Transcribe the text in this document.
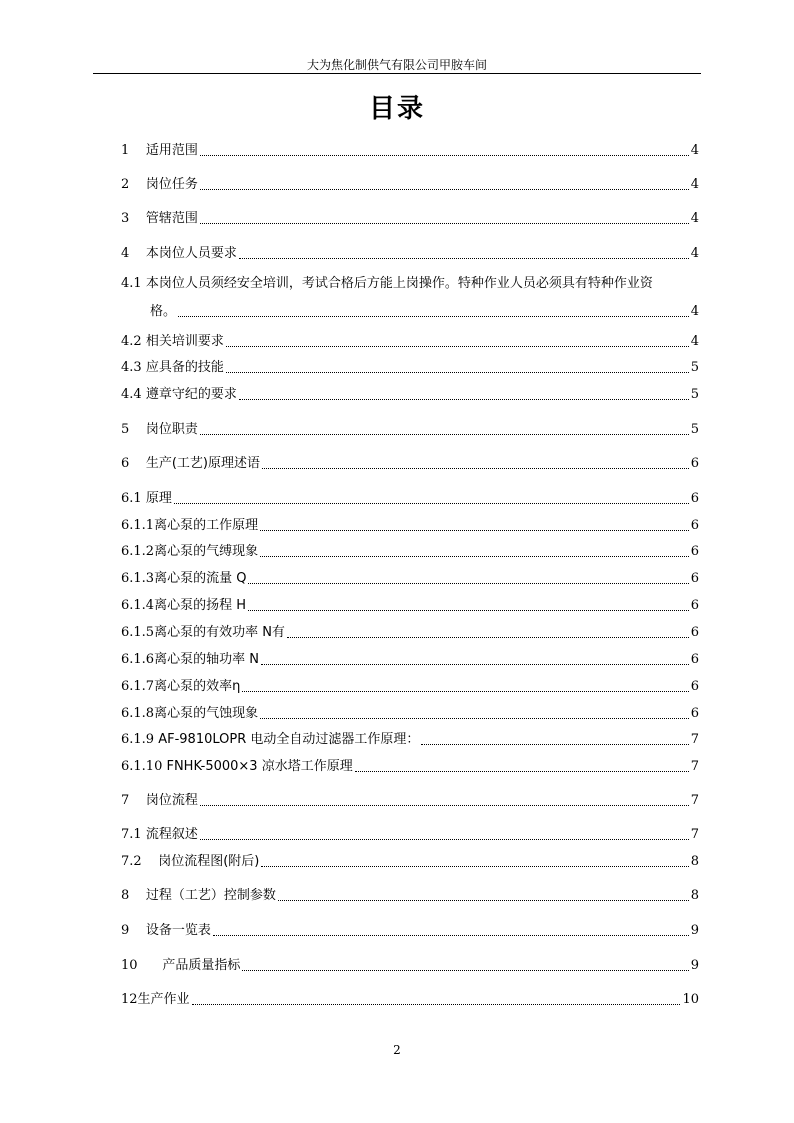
大为焦化制供气有限公司甲胺车间
目录
1 适用范围	4
2 岗位任务	4
3 管辖范围	4
4 本岗位人员要求	4
4.1 本岗位人员须经安全培训，考试合格后方能上岗操作。特种作业人员必须具有特种作业资
格。	4
4.2 相关培训要求	4
4.3 应具备的技能	5
4.4 遵章守纪的要求	5
5 岗位职责	5
6 生产(工艺)原理述语	6
6.1 原理	6
6.1.1 离心泵的工作原理	6
6.1.2 离心泵的气缚现象	6
6.1.3 离心泵的流量 Q	6
6.1.4 离心泵的扬程 H	6
6.1.5 离心泵的有效功率 N有	6
6.1.6 离心泵的轴功率 N	6
6.1.7 离心泵的效率η	6
6.1.8 离心泵的气蚀现象	6
6.1.9 AF-9810LOPR 电动全自动过滤器工作原理：	7
6.1.10 FNHK-5000×3 凉水塔工作原理	7
7 岗位流程	7
7.1 流程叙述	7
7.2 岗位流程图(附后)	8
8 过程（工艺）控制参数	8
9 设备一览表	9
10 产品质量指标	9
12 生产作业	10
2
